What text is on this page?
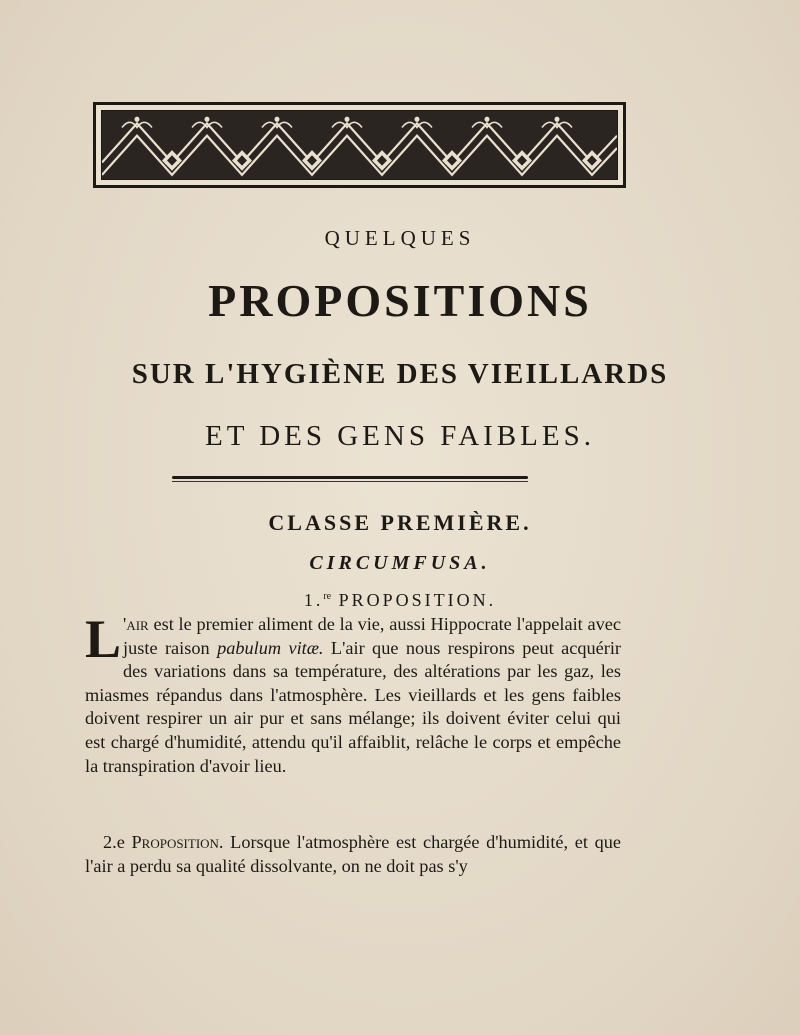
QUELQUES
PROPOSITIONS
SUR L'HYGIÈNE DES VIEILLARDS
ET DES GENS FAIBLES.
CLASSE PREMIÈRE.
CIRCUMFUSA.
1.$^{re}$ PROPOSITION.
L 'air est le premier aliment de la vie, aussi Hippocrate l'appelait avec juste raison pabulum vitæ. L'air que nous respirons peut acquérir des variations dans sa température, des altérations par les gaz, les miasmes répandus dans l'atmosphère. Les vieillards et les gens faibles doivent respirer un air pur et sans mélange; ils doivent éviter celui qui est chargé d'humidité, attendu qu'il affaiblit, relâche le corps et empêche la transpiration d'avoir lieu.
2.e Proposition. Lorsque l'atmosphère est chargée d'humidité, et que l'air a perdu sa qualité dissolvante, on ne doit pas s'y
